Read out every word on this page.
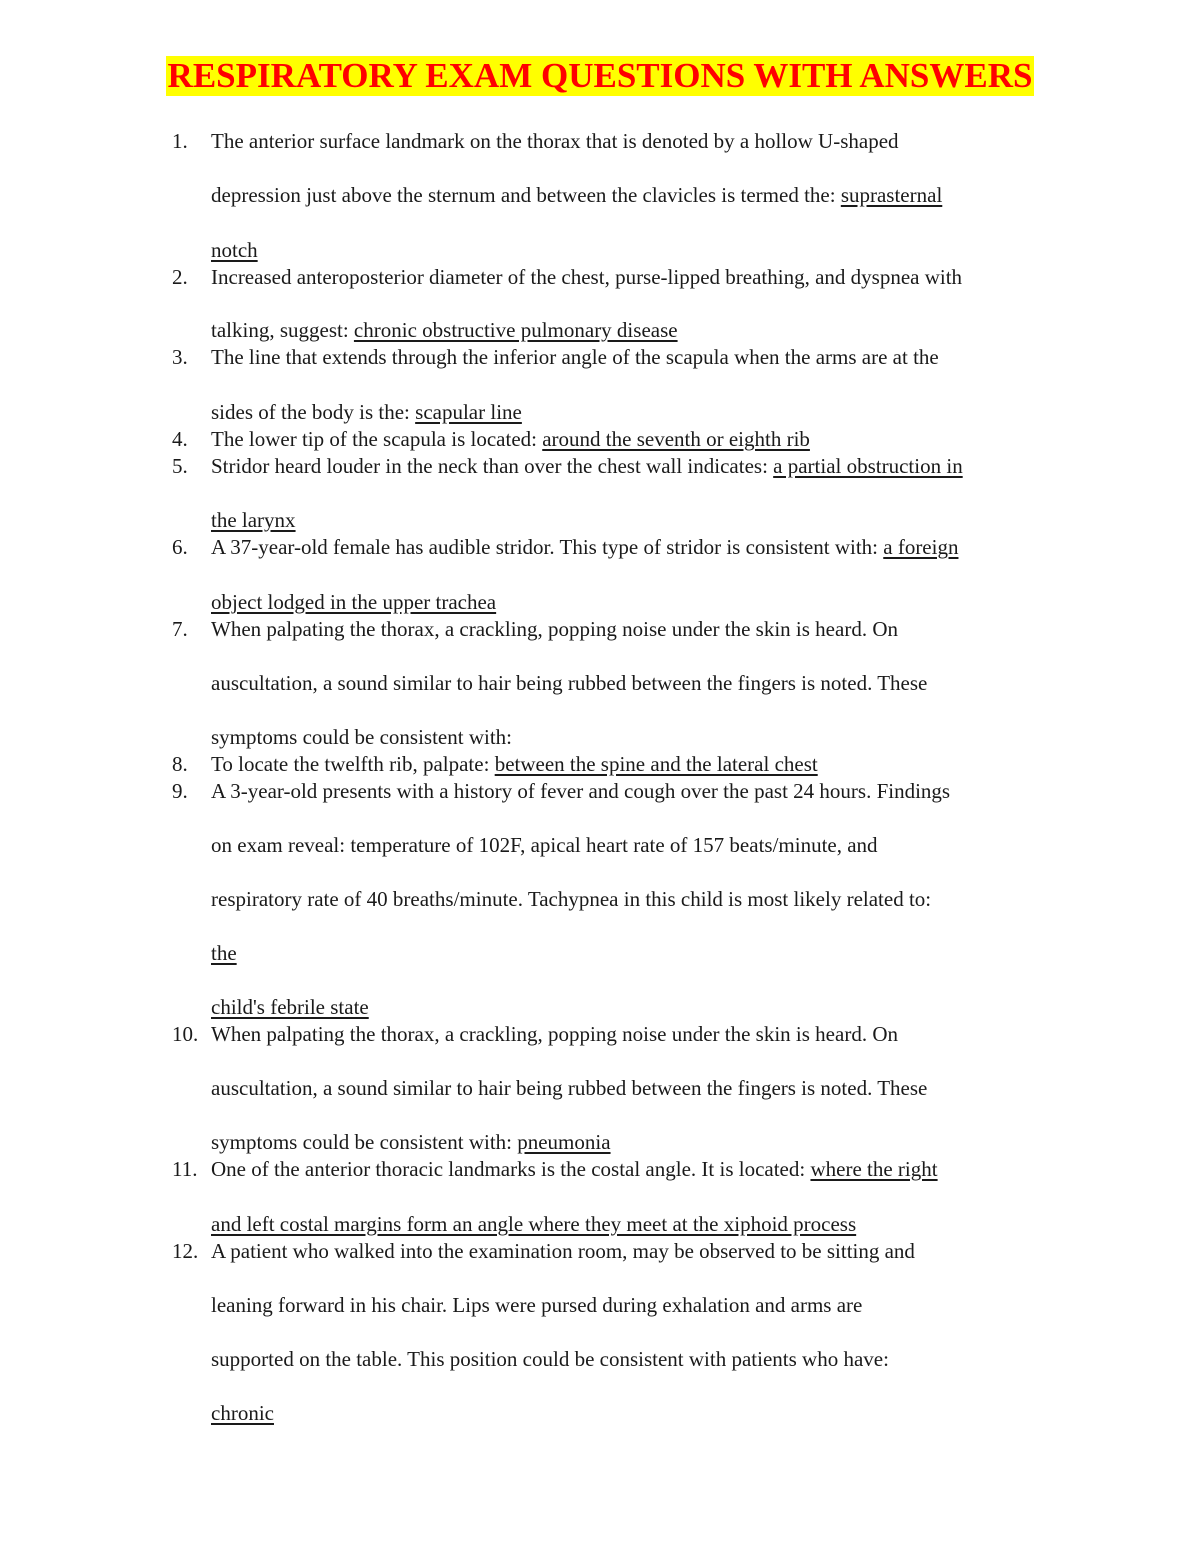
RESPIRATORY EXAM QUESTIONS WITH ANSWERS
1.	The anterior surface landmark on the thorax that is denoted by a hollow U-shaped
depression just above the sternum and between the clavicles is termed the: suprasternal
notch
2.	Increased anteroposterior diameter of the chest, purse-lipped breathing, and dyspnea with
talking, suggest: chronic obstructive pulmonary disease
3.	The line that extends through the inferior angle of the scapula when the arms are at the
sides of the body is the: scapular line
4.	The lower tip of the scapula is located: around the seventh or eighth rib
5.	Stridor heard louder in the neck than over the chest wall indicates: a partial obstruction in
the larynx
6.	A 37-year-old female has audible stridor. This type of stridor is consistent with: a foreign
object lodged in the upper trachea
7.	When palpating the thorax, a crackling, popping noise under the skin is heard. On
auscultation, a sound similar to hair being rubbed between the fingers is noted. These
symptoms could be consistent with:
8.	To locate the twelfth rib, palpate: between the spine and the lateral chest
9.	A 3-year-old presents with a history of fever and cough over the past 24 hours. Findings
on exam reveal: temperature of 102F, apical heart rate of 157 beats/minute, and
respiratory rate of 40 breaths/minute. Tachypnea in this child is most likely related to:
the
child's febrile state
10. When palpating the thorax, a crackling, popping noise under the skin is heard. On
auscultation, a sound similar to hair being rubbed between the fingers is noted. These
symptoms could be consistent with: pneumonia
11. One of the anterior thoracic landmarks is the costal angle. It is located: where the right
and left costal margins form an angle where they meet at the xiphoid process
12. A patient who walked into the examination room, may be observed to be sitting and
leaning forward in his chair. Lips were pursed during exhalation and arms are
supported on the table. This position could be consistent with patients who have:
chronic
